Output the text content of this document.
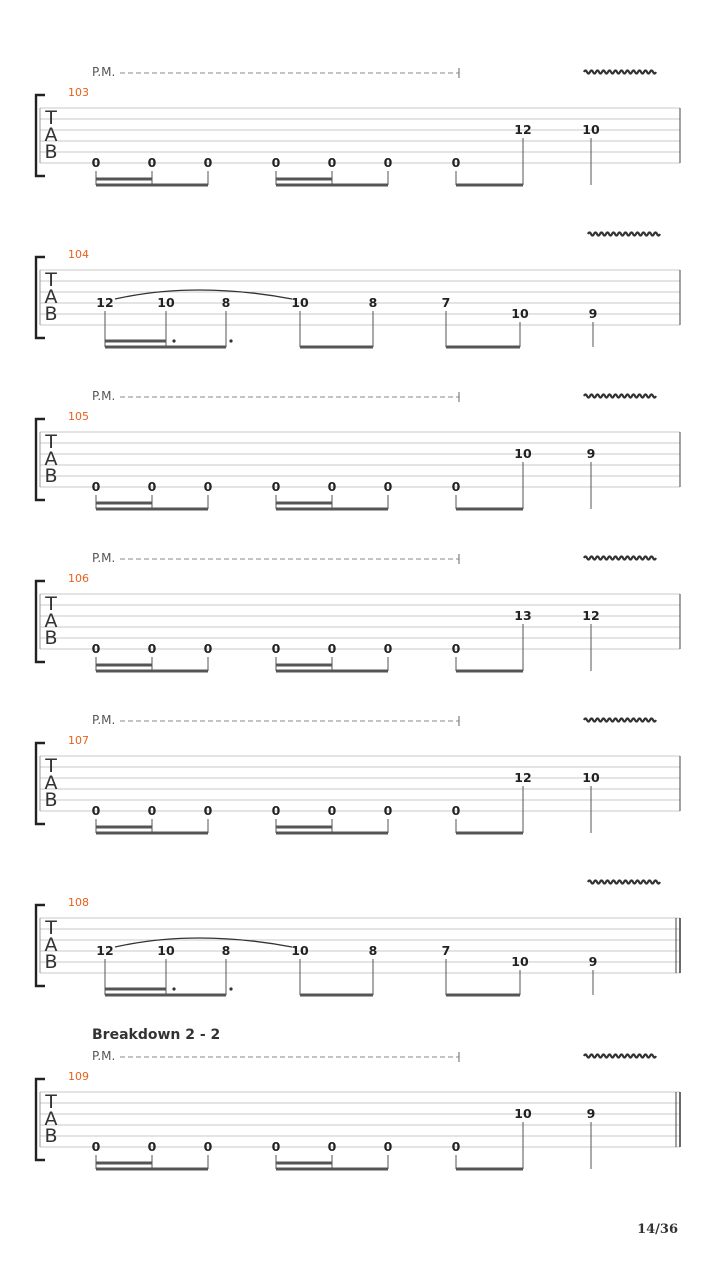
T
A
B
103
P.M.
0	0	0	0	0	0	0
12	10
T
A
B
104
12	10	8	10	8	7
10	9
T
A
B
105
P.M.
0	0	0	0	0	0	0
10	9
T
A
B
106
P.M.
0	0	0	0	0	0	0
13	12
T
A
B
107
P.M.
0	0	0	0	0	0	0
12	10
T
A
B
108
12	10	8	10	8	7
10	9
T
A
B
109
Breakdown 2 - 2
P.M.
0	0	0	0	0	0	0
10	9
14/36
